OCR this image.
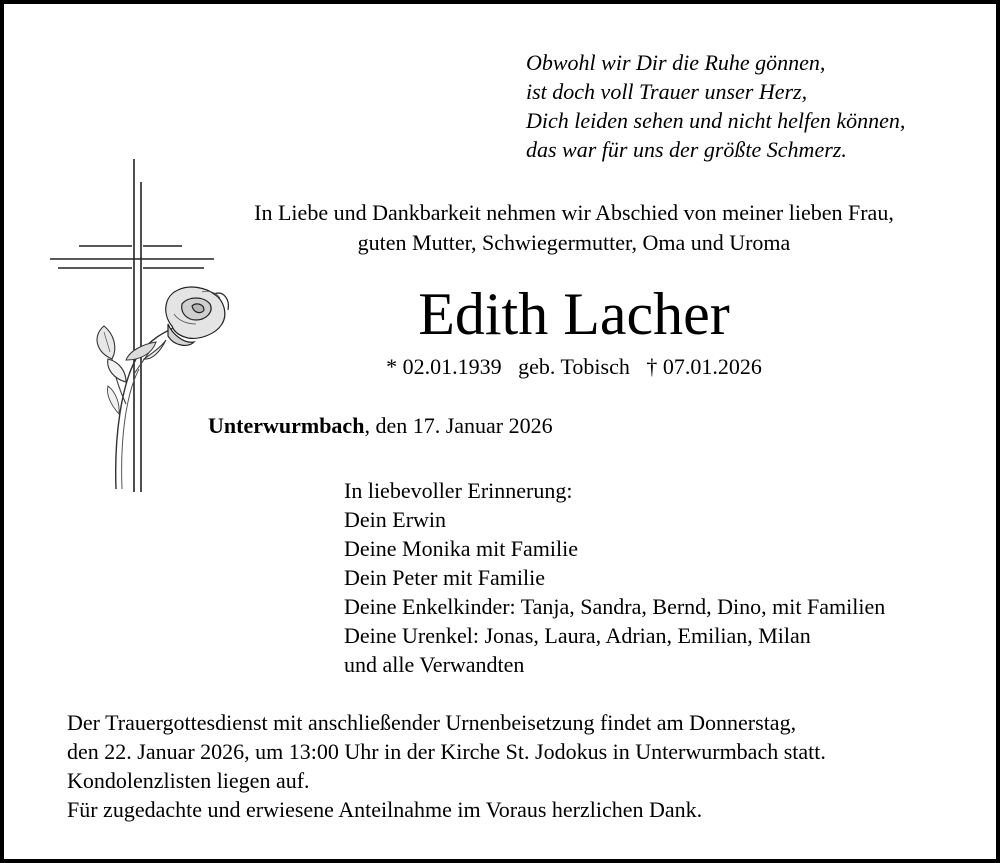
Obwohl wir Dir die Ruhe gönnen,
ist doch voll Trauer unser Herz,
Dich leiden sehen und nicht helfen können,
das war für uns der größte Schmerz.
In Liebe und Dankbarkeit nehmen wir Abschied von meiner lieben Frau,
guten Mutter, Schwiegermutter, Oma und Uroma
Edith Lacher
* 02.01.1939   geb. Tobisch   † 07.01.2026
Unterwurmbach, den 17. Januar 2026
In liebevoller Erinnerung:
Dein Erwin
Deine Monika mit Familie
Dein Peter mit Familie
Deine Enkelkinder: Tanja, Sandra, Bernd, Dino, mit Familien
Deine Urenkel: Jonas, Laura, Adrian, Emilian, Milan
und alle Verwandten
Der Trauergottesdienst mit anschließender Urnenbeisetzung findet am Donnerstag,
den 22. Januar 2026, um 13:00 Uhr in der Kirche St. Jodokus in Unterwurmbach statt.
Kondolenzlisten liegen auf.
Für zugedachte und erwiesene Anteilnahme im Voraus herzlichen Dank.
